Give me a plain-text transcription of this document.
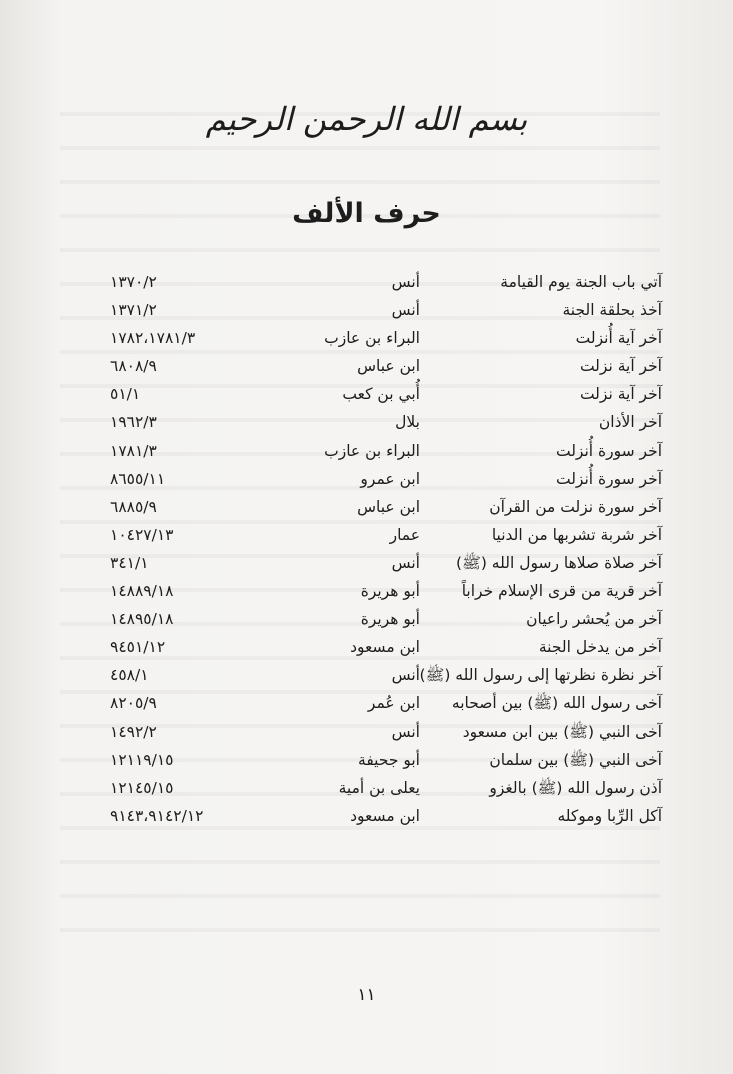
بسم الله الرحمن الرحيم
حرف الألف
آتي باب الجنة يوم القيامة
أنس
١٣٧٠/٢
آخذ بحلقة الجنة
أنس
١٣٧١/٢
آخر آية أُنزلت
البراء بن عازب
١٧٨٢،١٧٨١/٣
آخر آية نزلت
ابن عباس
٦٨٠٨/٩
آخر آية نزلت
أُبي بن كعب
٥١/١
آخر الأذان
بلال
١٩٦٢/٣
آخر سورة أُنزلت
البراء بن عازب
١٧٨١/٣
آخر سورة أُنزلت
ابن عمرو
٨٦٥٥/١١
آخر سورة نزلت من القرآن
ابن عباس
٦٨٨٥/٩
آخر شربة تشربها من الدنيا
عمار
١٠٤٢٧/١٣
آخر صلاة صلاها رسول الله (ﷺ)
أنس
٣٤١/١
آخر قرية من قرى الإسلام خراباً
أبو هريرة
١٤٨٨٩/١٨
آخر من يُحشر راعيان
أبو هريرة
١٤٨٩٥/١٨
آخر من يدخل الجنة
ابن مسعود
٩٤٥١/١٢
آخر نظرة نظرتها إلى رسول الله (ﷺ)
أنس
٤٥٨/١
آخى رسول الله (ﷺ) بين أصحابه
ابن عُمر
٨٢٠٥/٩
آخى النبي (ﷺ) بين ابن مسعود
أنس
١٤٩٢/٢
آخى النبي (ﷺ) بين سلمان
أبو جحيفة
١٢١١٩/١٥
آذن رسول الله (ﷺ) بالغزو
يعلى بن أمية
١٢١٤٥/١٥
آكل الرِّبا وموكله
ابن مسعود
٩١٤٣،٩١٤٢/١٢
١١
